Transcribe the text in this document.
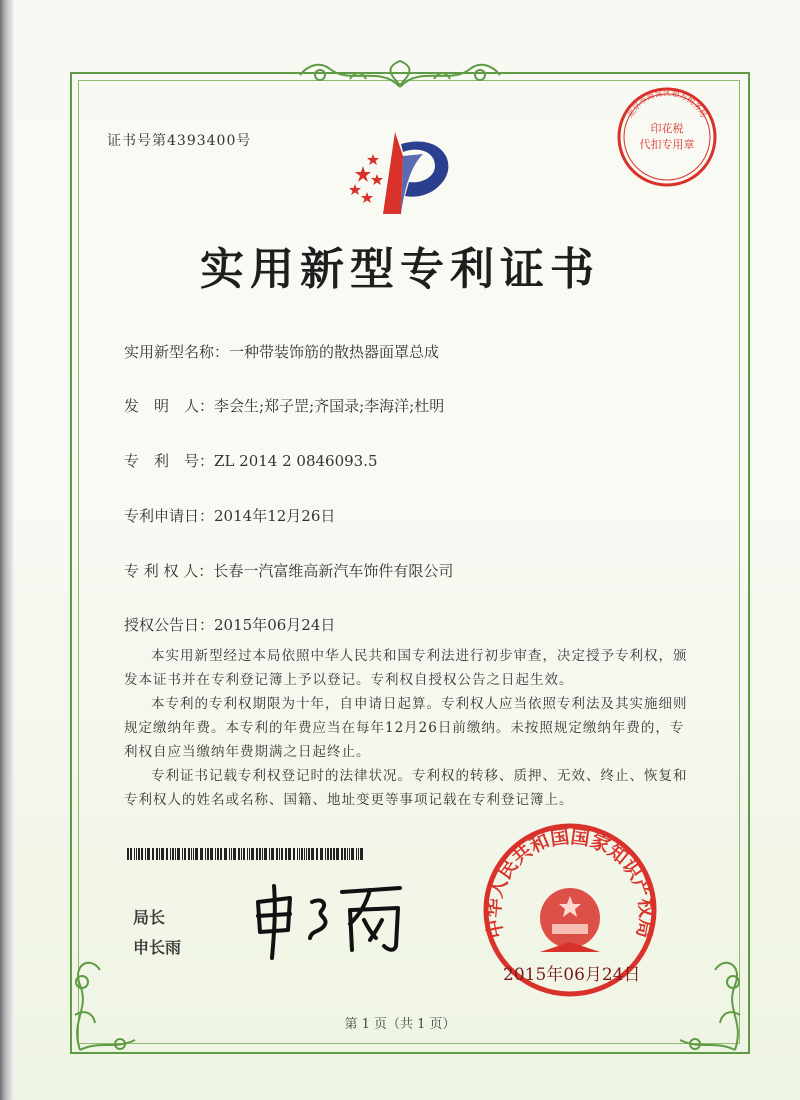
证书号第4393400号
印花税
代扣专用章
北京市海淀区超方税务局
实用新型专利证书
实用新型名称：一种带装饰筋的散热器面罩总成
发　明　人：李会生;郑子罡;齐国录;李海洋;杜明
专　利　号：ZL 2014 2 0846093.5
专利申请日：2014年12月26日
专 利 权 人：长春一汽富维高新汽车饰件有限公司
授权公告日：2015年06月24日

本实用新型经过本局依照中华人民共和国专利法进行初步审查，决定授予专利权，颁发本证书并在专利登记簿上予以登记。专利权自授权公告之日起生效。

本专利的专利权期限为十年，自申请日起算。专利权人应当依照专利法及其实施细则规定缴纳年费。本专利的年费应当在每年12月26日前缴纳。未按照规定缴纳年费的，专利权自应当缴纳年费期满之日起终止。

专利证书记载专利权登记时的法律状况。专利权的转移、质押、无效、终止、恢复和专利权人的姓名或名称、国籍、地址变更等事项记载在专利登记簿上。

局长
申长雨
中华人民共和国国家知识产权局
2015年06月24日
第 1 页（共 1 页）
